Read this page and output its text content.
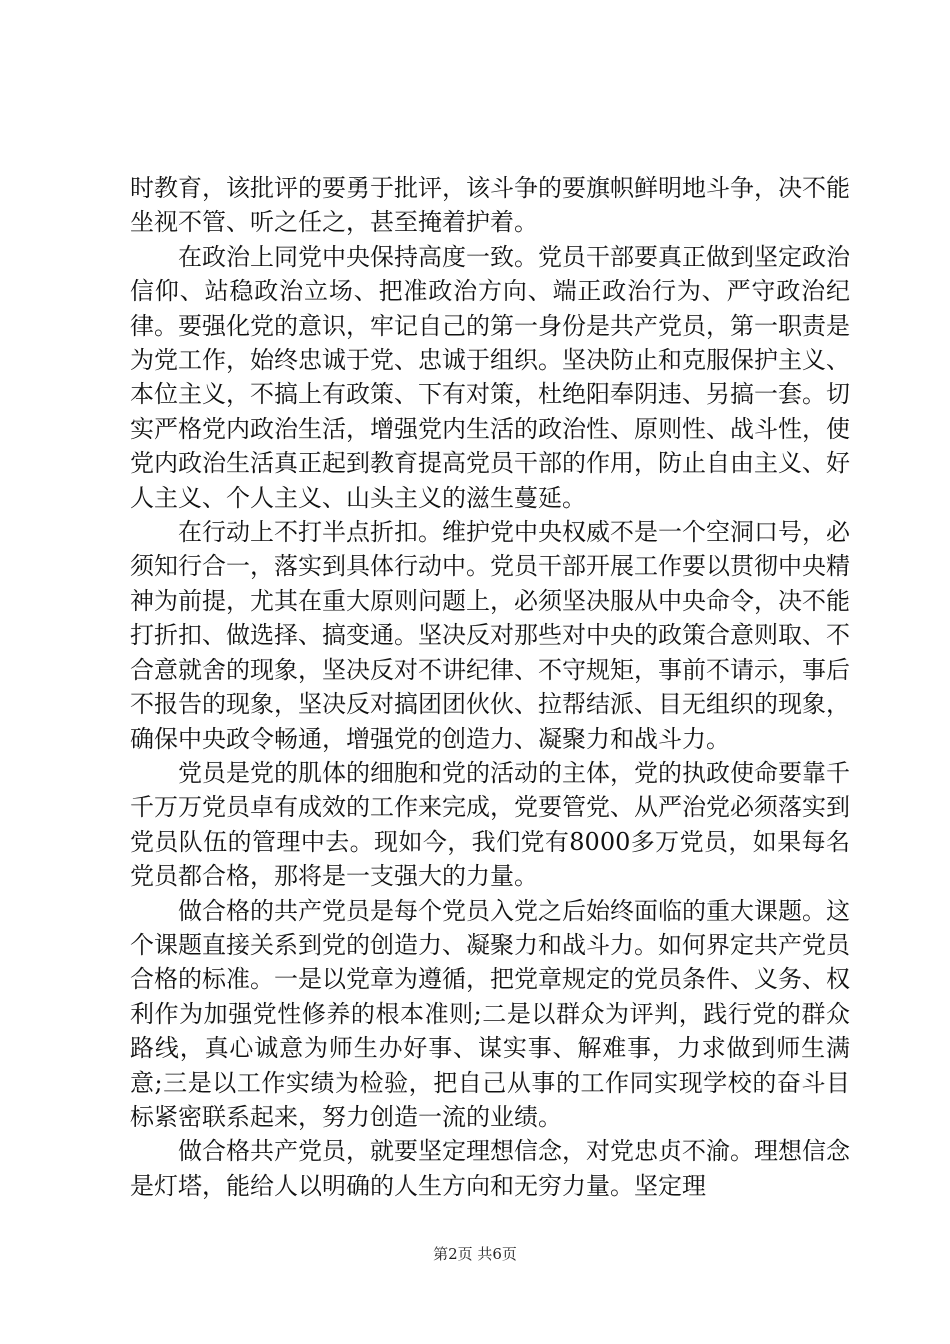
时教育，该批评的要勇于批评，该斗争的要旗帜鲜明地斗争，决不能坐视不管、听之任之，甚至掩着护着。

在政治上同党中央保持高度一致。党员干部要真正做到坚定政治信仰、站稳政治立场、把准政治方向、端正政治行为、严守政治纪律。要强化党的意识，牢记自己的第一身份是共产党员，第一职责是为党工作，始终忠诚于党、忠诚于组织。坚决防止和克服保护主义、本位主义，不搞上有政策、下有对策，杜绝阳奉阴违、另搞一套。切实严格党内政治生活，增强党内生活的政治性、原则性、战斗性，使党内政治生活真正起到教育提高党员干部的作用，防止自由主义、好人主义、个人主义、山头主义的滋生蔓延。

在行动上不打半点折扣。维护党中央权威不是一个空洞口号，必须知行合一，落实到具体行动中。党员干部开展工作要以贯彻中央精神为前提，尤其在重大原则问题上，必须坚决服从中央命令，决不能打折扣、做选择、搞变通。坚决反对那些对中央的政策合意则取、不合意就舍的现象，坚决反对不讲纪律、不守规矩，事前不请示，事后不报告的现象，坚决反对搞团团伙伙、拉帮结派、目无组织的现象，确保中央政令畅通，增强党的创造力、凝聚力和战斗力。

党员是党的肌体的细胞和党的活动的主体，党的执政使命要靠千千万万党员卓有成效的工作来完成，党要管党、从严治党必须落实到党员队伍的管理中去。现如今，我们党有8000多万党员，如果每名党员都合格，那将是一支强大的力量。

做合格的共产党员是每个党员入党之后始终面临的重大课题。这个课题直接关系到党的创造力、凝聚力和战斗力。如何界定共产党员合格的标准。一是以党章为遵循，把党章规定的党员条件、义务、权利作为加强党性修养的根本准则;二是以群众为评判，践行党的群众路线，真心诚意为师生办好事、谋实事、解难事，力求做到师生满意;三是以工作实绩为检验，把自己从事的工作同实现学校的奋斗目标紧密联系起来，努力创造一流的业绩。

做合格共产党员，就要坚定理想信念，对党忠贞不渝。理想信念是灯塔，能给人以明确的人生方向和无穷力量。坚定理

第2页 共6页
